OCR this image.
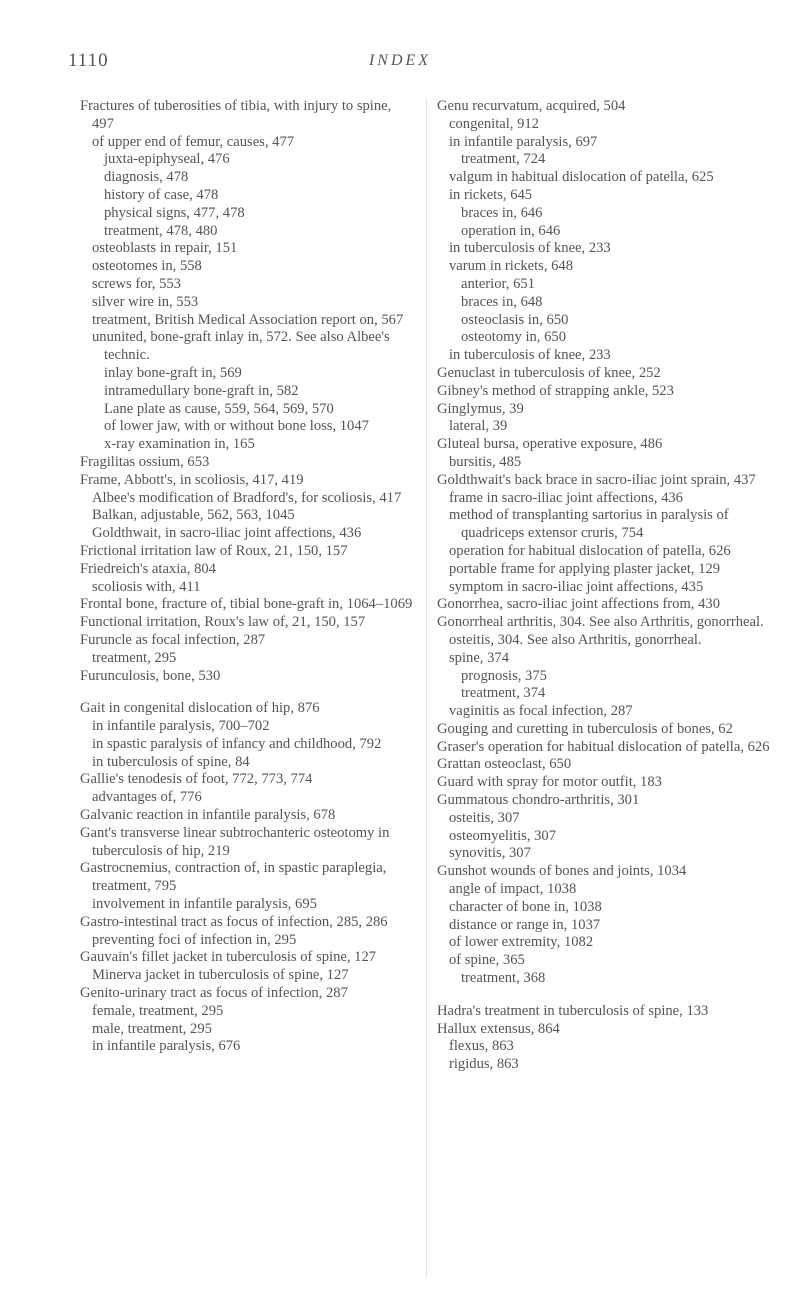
1110	INDEX
Fractures of tuberosities of tibia, with injury to spine, 497
of upper end of femur, causes, 477
juxta-epiphyseal, 476
diagnosis, 478
history of case, 478
physical signs, 477, 478
treatment, 478, 480
osteoblasts in repair, 151
osteotomes in, 558
screws for, 553
silver wire in, 553
treatment, British Medical Association report on, 567
ununited, bone-graft inlay in, 572. See also Albee's technic.
inlay bone-graft in, 569
intramedullary bone-graft in, 582
Lane plate as cause, 559, 564, 569, 570
of lower jaw, with or without bone loss, 1047
x-ray examination in, 165
Fragilitas ossium, 653
Frame, Abbott's, in scoliosis, 417, 419
Albee's modification of Bradford's, for scoliosis, 417
Balkan, adjustable, 562, 563, 1045
Goldthwait, in sacro-iliac joint affections, 436
Frictional irritation law of Roux, 21, 150, 157
Friedreich's ataxia, 804
scoliosis with, 411
Frontal bone, fracture of, tibial bone-graft in, 1064–1069
Functional irritation, Roux's law of, 21, 150, 157
Furuncle as focal infection, 287
treatment, 295
Furunculosis, bone, 530
Gait in congenital dislocation of hip, 876
in infantile paralysis, 700–702
in spastic paralysis of infancy and childhood, 792
in tuberculosis of spine, 84
Gallie's tenodesis of foot, 772, 773, 774
advantages of, 776
Galvanic reaction in infantile paralysis, 678
Gant's transverse linear subtrochanteric osteotomy in tuberculosis of hip, 219
Gastrocnemius, contraction of, in spastic paraplegia, treatment, 795
involvement in infantile paralysis, 695
Gastro-intestinal tract as focus of infection, 285, 286
preventing foci of infection in, 295
Gauvain's fillet jacket in tuberculosis of spine, 127
Minerva jacket in tuberculosis of spine, 127
Genito-urinary tract as focus of infection, 287
female, treatment, 295
male, treatment, 295
in infantile paralysis, 676
Genu recurvatum, acquired, 504
congenital, 912
in infantile paralysis, 697
treatment, 724
valgum in habitual dislocation of patella, 625
in rickets, 645
braces in, 646
operation in, 646
in tuberculosis of knee, 233
varum in rickets, 648
anterior, 651
braces in, 648
osteoclasis in, 650
osteotomy in, 650
in tuberculosis of knee, 233
Genuclast in tuberculosis of knee, 252
Gibney's method of strapping ankle, 523
Ginglymus, 39
lateral, 39
Gluteal bursa, operative exposure, 486
bursitis, 485
Goldthwait's back brace in sacro-iliac joint sprain, 437
frame in sacro-iliac joint affections, 436
method of transplanting sartorius in paralysis of quadriceps extensor cruris, 754
operation for habitual dislocation of patella, 626
portable frame for applying plaster jacket, 129
symptom in sacro-iliac joint affections, 435
Gonorrhea, sacro-iliac joint affections from, 430
Gonorrheal arthritis, 304. See also Arthritis, gonorrheal.
osteitis, 304. See also Arthritis, gonorrheal.
spine, 374
prognosis, 375
treatment, 374
vaginitis as focal infection, 287
Gouging and curetting in tuberculosis of bones, 62
Graser's operation for habitual dislocation of patella, 626
Grattan osteoclast, 650
Guard with spray for motor outfit, 183
Gummatous chondro-arthritis, 301
osteitis, 307
osteomyelitis, 307
synovitis, 307
Gunshot wounds of bones and joints, 1034
angle of impact, 1038
character of bone in, 1038
distance or range in, 1037
of lower extremity, 1082
of spine, 365
treatment, 368
Hadra's treatment in tuberculosis of spine, 133
Hallux extensus, 864
flexus, 863
rigidus, 863
